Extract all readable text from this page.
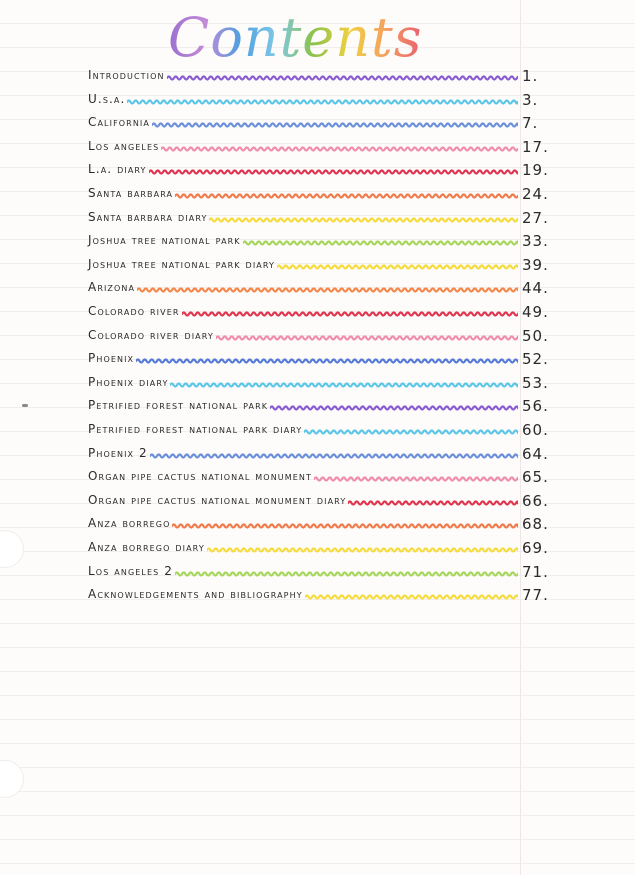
Contents
Introduction	1.
U.s.a.	3.
California	7.
Los angeles	17.
L.a. diary	19.
Santa barbara	24.
Santa barbara diary	27.
Joshua tree national park	33.
Joshua tree national park diary	39.
Arizona	44.
Colorado river	49.
Colorado river diary	50.
Phoenix	52.
Phoenix diary	53.
Petrified forest national park	56.
Petrified forest national park diary	60.
Phoenix 2	64.
Organ pipe cactus national monument	65.
Organ pipe cactus national monument diary	66.
Anza borrego	68.
Anza borrego diary	69.
Los angeles 2	71.
Acknowledgements and bibliography	77.
